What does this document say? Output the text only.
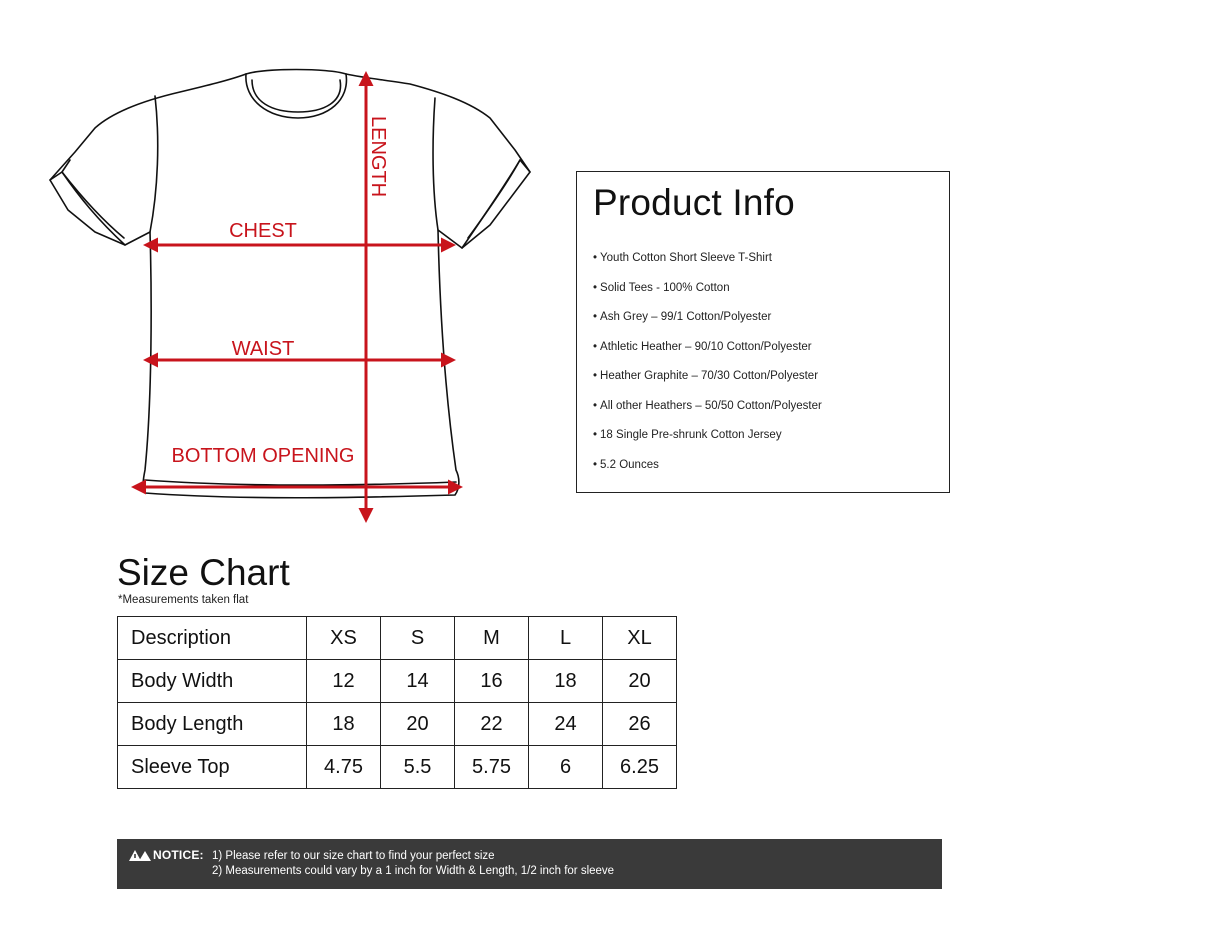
LENGTH
CHEST
WAIST
BOTTOM OPENING
Product Info
• Youth Cotton Short Sleeve T-Shirt
• Solid Tees - 100% Cotton
• Ash Grey – 99/1 Cotton/Polyester
• Athletic Heather – 90/10 Cotton/Polyester
• Heather Graphite – 70/30 Cotton/Polyester
• All other Heathers – 50/50 Cotton/Polyester
• 18 Single Pre-shrunk Cotton Jersey
• 5.2 Ounces
Size Chart
*Measurements taken flat
Description	XS	S	M	L	XL
Body Width	12	14	16	18	20
Body Length	18	20	22	24	26
Sleeve Top	4.75	5.5	5.75	6	6.25
NOTICE: 1) Please refer to our size chart to find your perfect size
2) Measurements could vary by a 1 inch for Width & Length, 1/2 inch for sleeve
